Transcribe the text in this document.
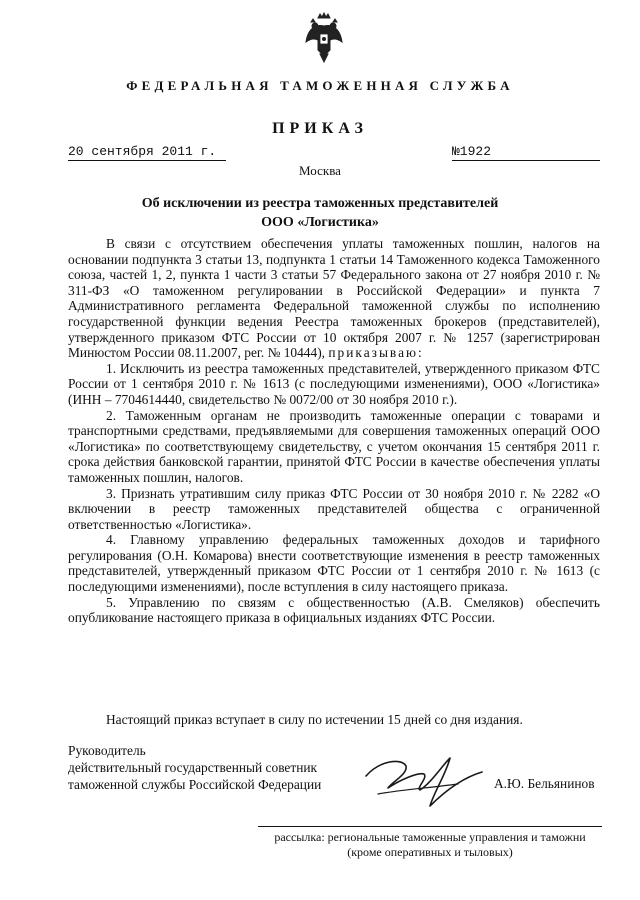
ФЕДЕРАЛЬНАЯ ТАМОЖЕННАЯ СЛУЖБА
ПРИКАЗ
20 сентября 2011 г.	№1922
Москва
Об исключении из реестра таможенных представителей
ООО «Логистика»

В связи с отсутствием обеспечения уплаты таможенных пошлин, налогов на основании подпункта 3 статьи 13, подпункта 1 статьи 14 Таможенного кодекса Таможенного союза, частей 1, 2, пункта 1 части 3 статьи 57 Федерального закона от 27 ноября 2010 г. № 311-ФЗ «О таможенном регулировании в Российской Федерации» и пункта 7 Административного регламента Федеральной таможенной службы по исполнению государственной функции ведения Реестра таможенных брокеров (представителей), утвержденного приказом ФТС России от 10 октября 2007 г. № 1257 (зарегистрирован Минюстом России 08.11.2007, рег. № 10444), приказываю:

1. Исключить из реестра таможенных представителей, утвержденного приказом ФТС России от 1 сентября 2010 г. № 1613 (с последующими изменениями), ООО «Логистика» (ИНН – 7704614440, свидетельство № 0072/00 от 30 ноября 2010 г.).

2. Таможенным органам не производить таможенные операции с товарами и транспортными средствами, предъявляемыми для совершения таможенных операций ООО «Логистика» по соответствующему свидетельству, с учетом окончания 15 сентября 2011 г. срока действия банковской гарантии, принятой ФТС России в качестве обеспечения уплаты таможенных пошлин, налогов.

3. Признать утратившим силу приказ ФТС России от 30 ноября 2010 г. № 2282 «О включении в реестр таможенных представителей общества с ограниченной ответственностью «Логистика».

4. Главному управлению федеральных таможенных доходов и тарифного регулирования (О.Н. Комарова) внести соответствующие изменения в реестр таможенных представителей, утвержденный приказом ФТС России от 1 сентября 2010 г. № 1613 (с последующими изменениями), после вступления в силу настоящего приказа.

5. Управлению по связям с общественностью (А.В. Смеляков) обеспечить опубликование настоящего приказа в официальных изданиях ФТС России.

Настоящий приказ вступает в силу по истечении 15 дней со дня издания.
Руководитель
действительный государственный советник
таможенной службы Российской Федерации	А.Ю. Бельянинов
рассылка: региональные таможенные управления и таможни
(кроме оперативных и тыловых)
